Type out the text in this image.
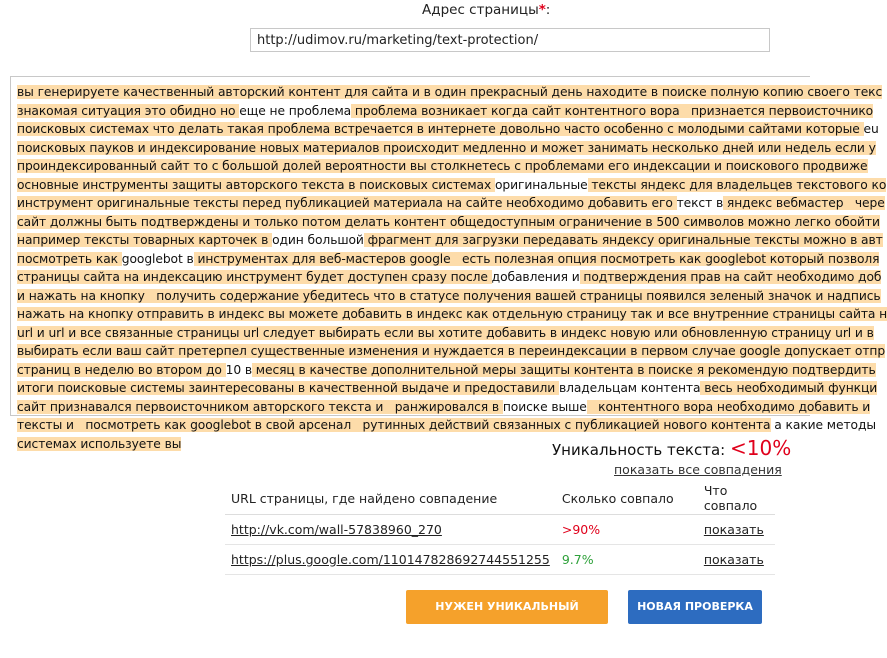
Адрес страницы*:
http://udimov.ru/marketing/text-protection/
вы генерируете качественный авторский контент для сайта и в один прекрасный день находите в поиске полную копию своего текс
знакомая ситуация это обидно но еще не проблема проблема возникает когда сайт контентного вора   признается первоисточнико
поисковых системах что делать такая проблема встречается в интернете довольно часто особенно с молодыми сайтами которые еu
поисковых пауков и индексирование новых материалов происходит медленно и может занимать несколько дней или недель если у
проиндексированный сайт то с большой долей вероятности вы столкнетесь с проблемами его индексации и поискового продвиже
основные инструменты защиты авторского текста в поисковых системах оригинальные тексты яндекс для владельцев текстового ко
инструмент оригинальные тексты перед публикацией материала на сайте необходимо добавить его текст в яндекс вебмастер   чере
сайт должны быть подтверждены и только потом делать контент общедоступным ограничение в 500 символов можно легко обойти
например тексты товарных карточек в один большой фрагмент для загрузки передавать яндексу оригинальные тексты можно в авт
посмотреть как googlebot в инструментах для веб-мастеров google   есть полезная опция посмотреть как googlebot который позволя
страницы сайта на индексацию инструмент будет доступен сразу после добавления и подтверждения прав на сайт необходимо доб
и нажать на кнопку   получить содержание убедитесь что в статусе получения вашей страницы появился зеленый значок и надпись
нажать на кнопку отправить в индекс вы можете добавить в индекс как отдельную страницу так и все внутренние страницы сайта н
url и url и все связанные страницы url следует выбирать если вы хотите добавить в индекс новую или обновленную страницу url и в
выбирать если ваш сайт претерпел существенные изменения и нуждается в переиндексации в первом случае google допускает отпр
страниц в неделю во втором до 10 в месяц в качестве дополнительной меры защиты контента в поиске я рекомендую подтвердить
итоги поисковые системы заинтересованы в качественной выдаче и предоставили владельцам контента весь необходимый функци
сайт признавался первоисточником авторского текста и   ранжировался в поиске выше   контентного вора необходимо добавить и
тексты и   посмотреть как googlebot в свой арсенал   рутинных действий связанных с публикацией нового контента а какие методы
системах используете вы	Уникальность текста: <10%
показать все совпадения
URL страницы, где найдено совпадение	Сколько совпало	Что совпало
http://vk.com/wall-57838960_270	>90%	показать
https://plus.google.com/110147828692744551255	9.7%	показать
НУЖЕН УНИКАЛЬНЫЙ КОНТЕНТ?
НОВАЯ ПРОВЕРКА
